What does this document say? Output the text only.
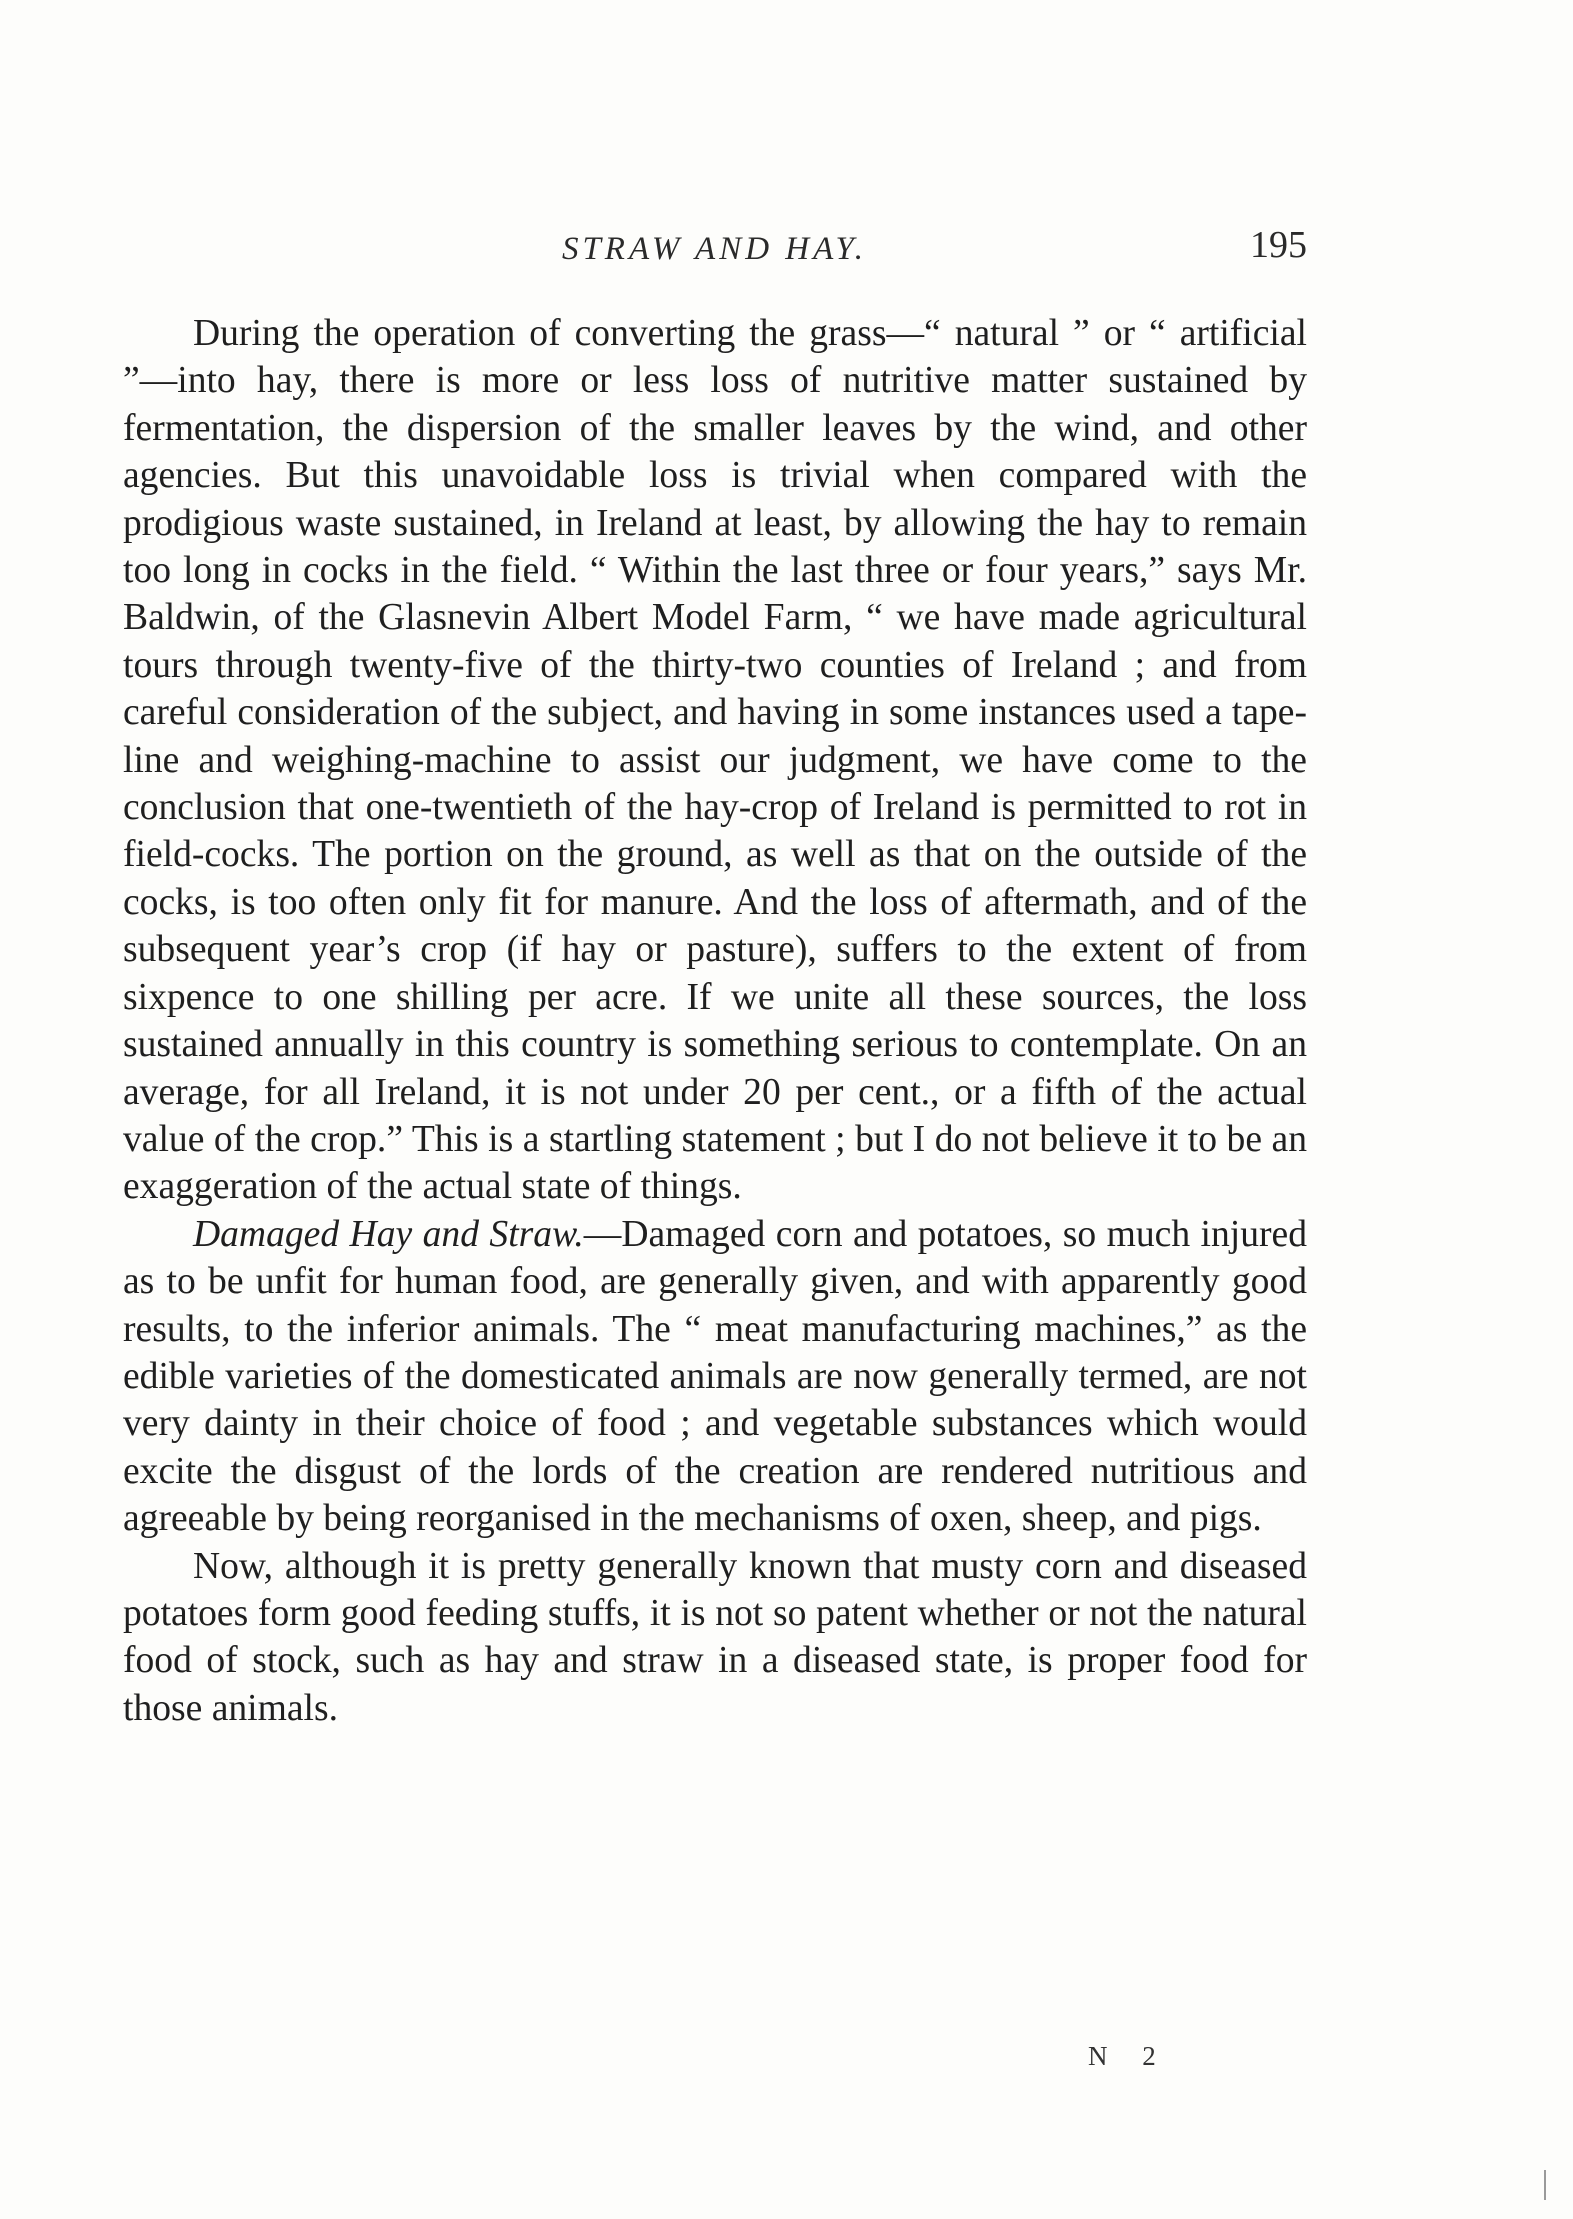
STRAW AND HAY.	195

During the operation of converting the grass—“ natural ” or “ artificial ”—into hay, there is more or less loss of nutritive matter sustained by fermentation, the dispersion of the smaller leaves by the wind, and other agencies. But this unavoidable loss is trivial when compared with the prodigious waste sustained, in Ireland at least, by allowing the hay to remain too long in cocks in the field. “ Within the last three or four years,” says Mr. Baldwin, of the Glasnevin Albert Model Farm, “ we have made agricultural tours through twenty-five of the thirty-two counties of Ireland ; and from careful consideration of the subject, and having in some instances used a tape-line and weighing-machine to assist our judgment, we have come to the conclusion that one-twentieth of the hay-crop of Ireland is permitted to rot in field-cocks. The portion on the ground, as well as that on the outside of the cocks, is too often only fit for manure. And the loss of aftermath, and of the subsequent year’s crop (if hay or pasture), suffers to the extent of from sixpence to one shilling per acre. If we unite all these sources, the loss sustained annually in this country is something serious to contemplate. On an average, for all Ireland, it is not under 20 per cent., or a fifth of the actual value of the crop.” This is a startling statement ; but I do not believe it to be an exaggeration of the actual state of things.

Damaged Hay and Straw.—Damaged corn and potatoes, so much injured as to be unfit for human food, are generally given, and with apparently good results, to the inferior animals. The “ meat manufacturing machines,” as the edible varieties of the domesticated animals are now generally termed, are not very dainty in their choice of food ; and vegetable substances which would excite the disgust of the lords of the creation are rendered nutritious and agreeable by being reorganised in the mechanisms of oxen, sheep, and pigs.

Now, although it is pretty generally known that musty corn and diseased potatoes form good feeding stuffs, it is not so patent whether or not the natural food of stock, such as hay and straw in a diseased state, is proper food for those animals.

N 2
